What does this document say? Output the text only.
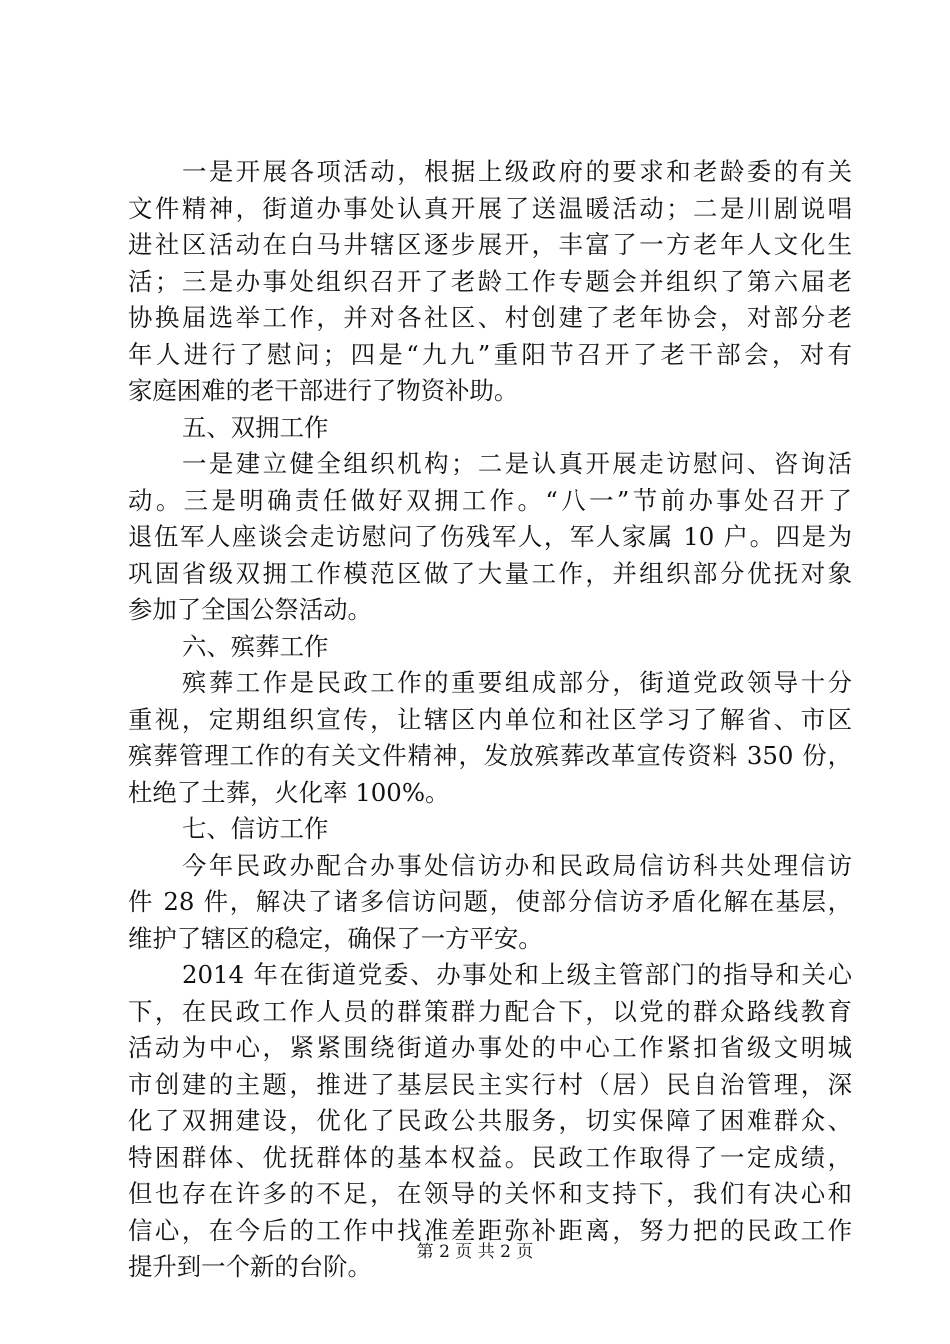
一是开展各项活动，根据上级政府的要求和老龄委的有关
文件精神，街道办事处认真开展了送温暖活动；二是川剧说唱
进社区活动在白马井辖区逐步展开，丰富了一方老年人文化生
活；三是办事处组织召开了老龄工作专题会并组织了第六届老
协换届选举工作，并对各社区、村创建了老年协会，对部分老
年人进行了慰问；四是“九九”重阳节召开了老干部会，对有
家庭困难的老干部进行了物资补助。
五、双拥工作
一是建立健全组织机构；二是认真开展走访慰问、咨询活
动。三是明确责任做好双拥工作。“八一”节前办事处召开了
退伍军人座谈会走访慰问了伤残军人，军人家属 10 户。四是为
巩固省级双拥工作模范区做了大量工作，并组织部分优抚对象
参加了全国公祭活动。
六、殡葬工作
殡葬工作是民政工作的重要组成部分，街道党政领导十分
重视，定期组织宣传，让辖区内单位和社区学习了解省、市区
殡葬管理工作的有关文件精神，发放殡葬改革宣传资料 350 份，
杜绝了土葬，火化率 100%。
七、信访工作
今年民政办配合办事处信访办和民政局信访科共处理信访
件 28 件，解决了诸多信访问题，使部分信访矛盾化解在基层，
维护了辖区的稳定，确保了一方平安。
2014 年在街道党委、办事处和上级主管部门的指导和关心
下，在民政工作人员的群策群力配合下，以党的群众路线教育
活动为中心，紧紧围绕街道办事处的中心工作紧扣省级文明城
市创建的主题，推进了基层民主实行村（居）民自治管理，深
化了双拥建设，优化了民政公共服务，切实保障了困难群众、
特困群体、优抚群体的基本权益。民政工作取得了一定成绩，
但也存在许多的不足，在领导的关怀和支持下，我们有决心和
信心，在今后的工作中找准差距弥补距离，努力把的民政工作
提升到一个新的台阶。	第 2 页 共 2 页
